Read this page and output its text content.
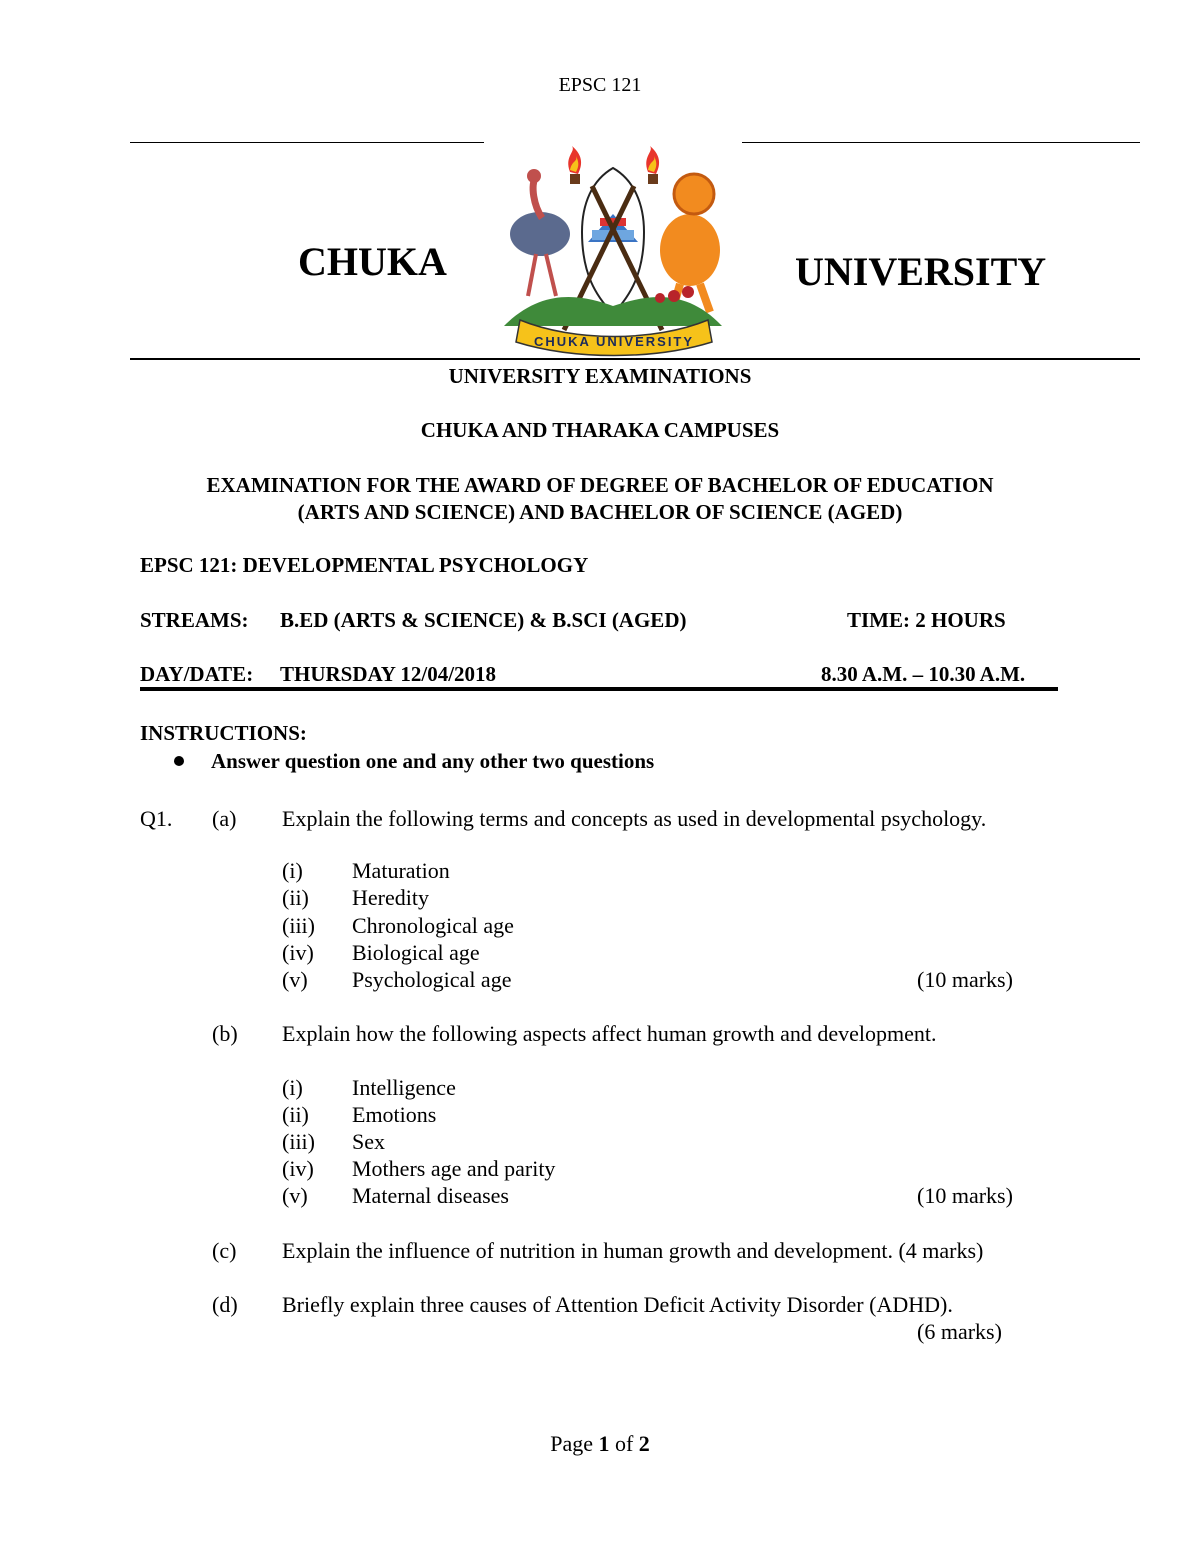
EPSC 121
CHUKA	UNIVERSITY
CHUKA UNIVERSITY
UNIVERSITY EXAMINATIONS
CHUKA AND THARAKA CAMPUSES
EXAMINATION FOR THE AWARD OF DEGREE OF BACHELOR OF EDUCATION
(ARTS AND SCIENCE) AND BACHELOR OF SCIENCE (AGED)
EPSC 121: DEVELOPMENTAL PSYCHOLOGY
STREAMS: B.ED (ARTS & SCIENCE) & B.SCI (AGED)	TIME: 2 HOURS
DAY/DATE: THURSDAY 12/04/2018	8.30 A.M. – 10.30 A.M.
INSTRUCTIONS:
Answer question one and any other two questions
Q1. (a) Explain the following terms and concepts as used in developmental psychology.
(i) Maturation
(ii) Heredity
(iii) Chronological age
(iv) Biological age
(v) Psychological age	(10 marks)
(b) Explain how the following aspects affect human growth and development.
(i) Intelligence
(ii) Emotions
(iii) Sex
(iv) Mothers age and parity
(v) Maternal diseases	(10 marks)
(c) Explain the influence of nutrition in human growth and development. (4 marks)
(d) Briefly explain three causes of Attention Deficit Activity Disorder (ADHD).
(6 marks)
Page 1 of 2
